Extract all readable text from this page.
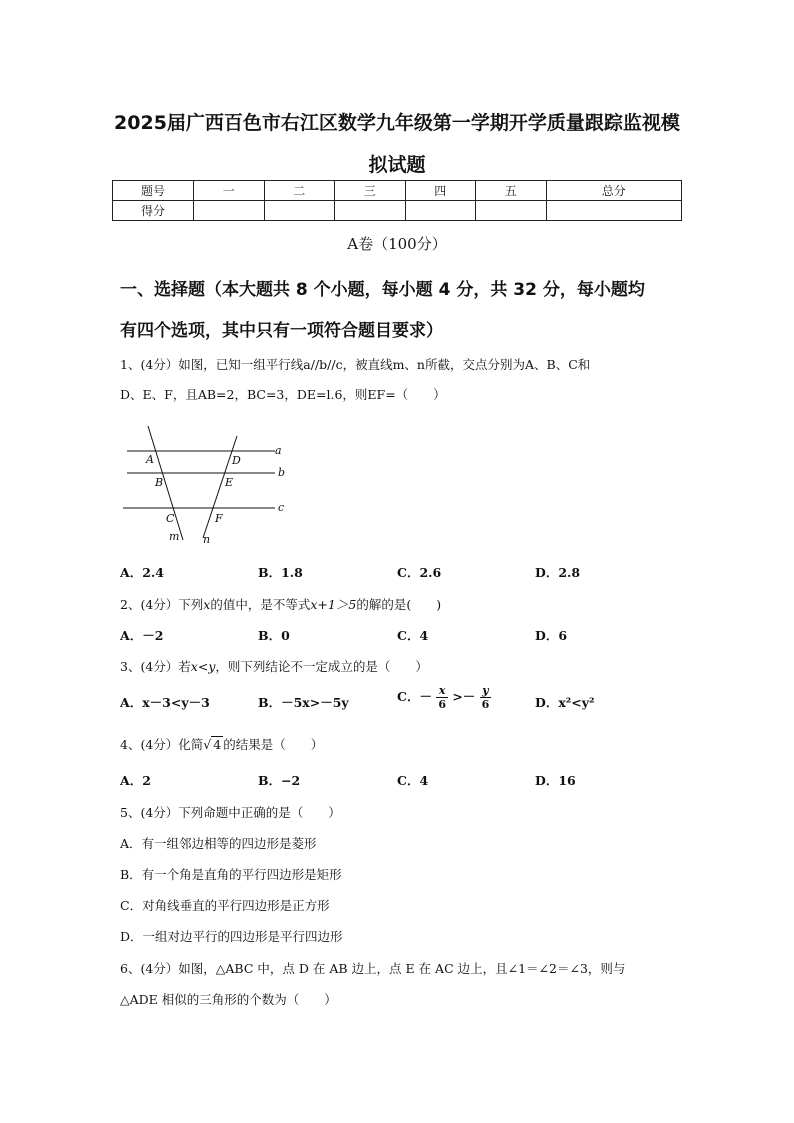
2025届广西百色市右江区数学九年级第一学期开学质量跟踪监视模
拟试题
题号	一	二	三	四	五	总分
得分						
A卷（100分）
一、选择题（本大题共 8 个小题，每小题 4 分，共 32 分，每小题均
有四个选项，其中只有一项符合题目要求）
1、(4分）如图，已知一组平行线a//b//c，被直线m、n所截，交点分别为A、B、C和
D、E、F，且AB=2，BC=3，DE=l.6，则EF=（　　）
a
b
c
A
B
C
D
E
F
m n
A．2.4	B．1.8	C．2.6	D．2.8
2、(4分）下列x的值中，是不等式x+1＞5的解的是(　　)
A．－2	B．0	C．4	D．6
3、(4分）若x<y，则下列结论不一定成立的是（　　）
A．x－3<y－3	B．－5x>－5y	C．－ $\frac{x}{6} >- \frac{y}{6}$	D．x²<y²
4、(4分）化简√ 4 的结果是（　　）
A．2	B．−2	C．4	D．16
5、(4分）下列命题中正确的是（　　）
A．有一组邻边相等的四边形是菱形
B．有一个角是直角的平行四边形是矩形
C．对角线垂直的平行四边形是正方形
D．一组对边平行的四边形是平行四边形
6、(4分）如图，△ABC 中，点 D 在 AB 边上，点 E 在 AC 边上，且∠1＝∠2＝∠3，则与
△ADE 相似的三角形的个数为（　　）
